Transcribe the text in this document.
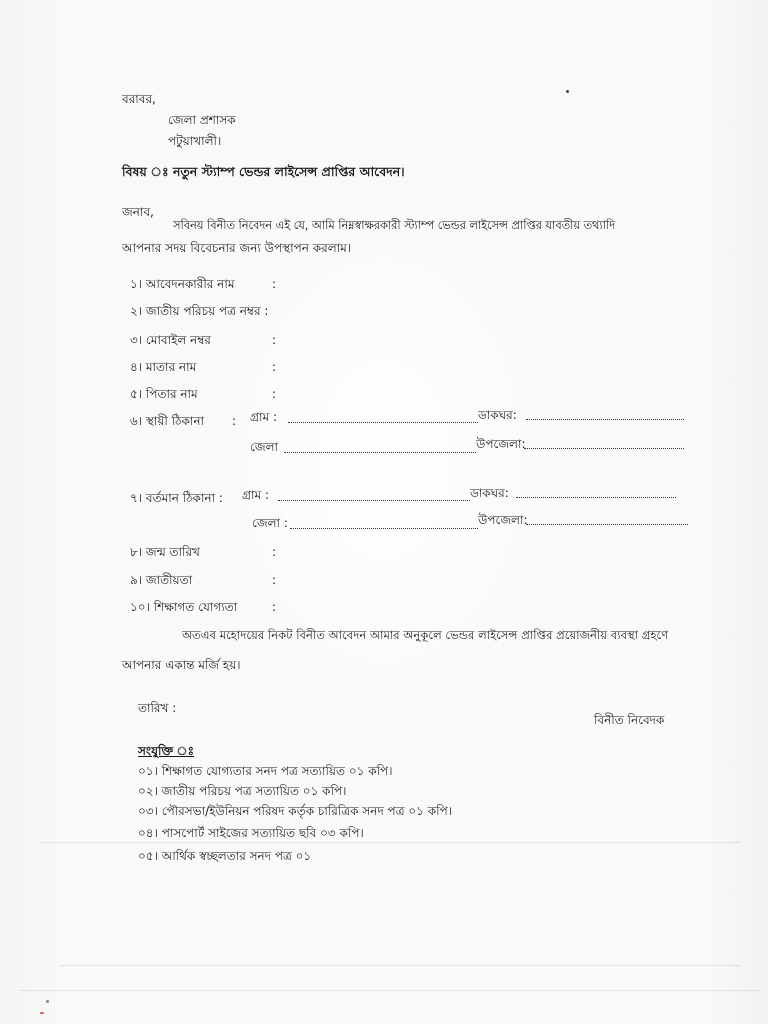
বরাবর,
জেলা প্রশাসক
পটুয়াখালী।
বিষয় ঃ নতুন স্ট্যাম্প ভেন্ডর লাইসেন্স প্রাপ্তির আবেদন।
জনাব,
সবিনয় বিনীত নিবেদন এই যে, আমি নিম্নস্বাক্ষরকারী স্ট্যাম্প ভেন্ডর লাইসেন্স প্রাপ্তির যাবতীয় তথ্যাদি
আপনার সদয় বিবেচনার জন্য উপস্থাপন করলাম।
১। আবেদনকারীর নাম	:
২। জাতীয় পরিচয় পত্র নম্বর :
৩। মোবাইল নম্বর	:
৪। মাতার নাম	:
৫। পিতার নাম	:
৬। স্থায়ী ঠিকানা : গ্রাম :	ডাকঘর:
জেলা	উপজেলা:
৭। বর্তমান ঠিকানা : গ্রাম :	ডাকঘর:
জেলা :	উপজেলা:
৮। জন্ম তারিখ	:
৯। জাতীয়তা	:
১০। শিক্ষাগত যোগ্যতা	:
অতএব মহোদয়ের নিকট বিনীত আবেদন আমার অনুকূলে ভেন্ডর লাইসেন্স প্রাপ্তির প্রয়োজনীয় ব্যবস্থা গ্রহণে
আপনার একান্ত মর্জি হয়।
তারিখ :
বিনীত নিবেদক
সংযুক্তি ঃ
০১। শিক্ষাগত যোগ্যতার সনদ পত্র সত্যায়িত ০১ কপি।
০২। জাতীয় পরিচয় পত্র সত্যায়িত ০১ কপি।
০৩। পৌরসভা/ইউনিয়ন পরিষদ কর্তৃক চারিত্রিক সনদ পত্র ০১ কপি।
০৪। পাসপোর্ট সাইজের সত্যায়িত ছবি ০৩ কপি।
০৫। আর্থিক স্বচ্ছলতার সনদ পত্র ০১
